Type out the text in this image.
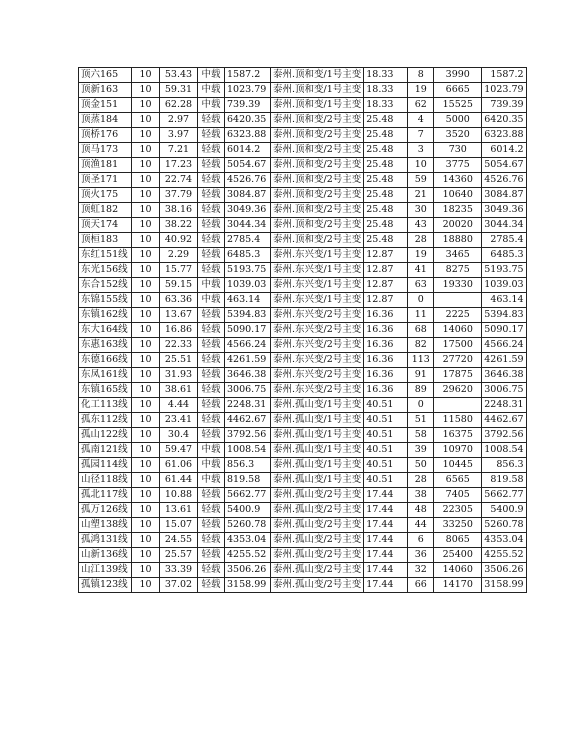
顶六165	10	53.43	中载	1587.2	泰州.顶和变/1号主变	18.33	8	3990	1587.2
顶新163	10	59.31	中载	1023.79	泰州.顶和变/1号主变	18.33	19	6665	1023.79
顶金151	10	62.28	中载	739.39	泰州.顶和变/1号主变	18.33	62	15525	739.39
顶蒸184	10	2.97	轻载	6420.35	泰州.顶和变/2号主变	25.48	4	5000	6420.35
顶桥176	10	3.97	轻载	6323.88	泰州.顶和变/2号主变	25.48	7	3520	6323.88
顶马173	10	7.21	轻载	6014.2	泰州.顶和变/2号主变	25.48	3	730	6014.2
顶渔181	10	17.23	轻载	5054.67	泰州.顶和变/2号主变	25.48	10	3775	5054.67
顶圣171	10	22.74	轻载	4526.76	泰州.顶和变/2号主变	25.48	59	14360	4526.76
顶火175	10	37.79	轻载	3084.87	泰州.顶和变/2号主变	25.48	21	10640	3084.87
顶虹182	10	38.16	轻载	3049.36	泰州.顶和变/2号主变	25.48	30	18235	3049.36
顶天174	10	38.22	轻载	3044.34	泰州.顶和变/2号主变	25.48	43	20020	3044.34
顶桓183	10	40.92	轻载	2785.4	泰州.顶和变/2号主变	25.48	28	18880	2785.4
东红151线	10	2.29	轻载	6485.3	泰州.东兴变/1号主变	12.87	19	3465	6485.3
东光156线	10	15.77	轻载	5193.75	泰州.东兴变/1号主变	12.87	41	8275	5193.75
东合152线	10	59.15	中载	1039.03	泰州.东兴变/1号主变	12.87	63	19330	1039.03
东锦155线	10	63.36	中载	463.14	泰州.东兴变/1号主变	12.87	0		463.14
东镇162线	10	13.67	轻载	5394.83	泰州.东兴变/2号主变	16.36	11	2225	5394.83
东大164线	10	16.86	轻载	5090.17	泰州.东兴变/2号主变	16.36	68	14060	5090.17
东惠163线	10	22.33	轻载	4566.24	泰州.东兴变/2号主变	16.36	82	17500	4566.24
东德166线	10	25.51	轻载	4261.59	泰州.东兴变/2号主变	16.36	113	27720	4261.59
东凤161线	10	31.93	轻载	3646.38	泰州.东兴变/2号主变	16.36	91	17875	3646.38
东镇165线	10	38.61	轻载	3006.75	泰州.东兴变/2号主变	16.36	89	29620	3006.75
化工113线	10	4.44	轻载	2248.31	泰州.孤山变/1号主变	40.51	0		2248.31
孤东112线	10	23.41	轻载	4462.67	泰州.孤山变/1号主变	40.51	51	11580	4462.67
孤山122线	10	30.4	轻载	3792.56	泰州.孤山变/1号主变	40.51	58	16375	3792.56
孤南121线	10	59.47	中载	1008.54	泰州.孤山变/1号主变	40.51	39	10970	1008.54
孤园114线	10	61.06	中载	856.3	泰州.孤山变/1号主变	40.51	50	10445	856.3
山径118线	10	61.44	中载	819.58	泰州.孤山变/1号主变	40.51	28	6565	819.58
孤北117线	10	10.88	轻载	5662.77	泰州.孤山变/2号主变	17.44	38	7405	5662.77
孤万126线	10	13.61	轻载	5400.9	泰州.孤山变/2号主变	17.44	48	22305	5400.9
山塑138线	10	15.07	轻载	5260.78	泰州.孤山变/2号主变	17.44	44	33250	5260.78
孤鸿131线	10	24.55	轻载	4353.04	泰州.孤山变/2号主变	17.44	6	8065	4353.04
山新136线	10	25.57	轻载	4255.52	泰州.孤山变/2号主变	17.44	36	25400	4255.52
山江139线	10	33.39	轻载	3506.26	泰州.孤山变/2号主变	17.44	32	14060	3506.26
孤镇123线	10	37.02	轻载	3158.99	泰州.孤山变/2号主变	17.44	66	14170	3158.99
